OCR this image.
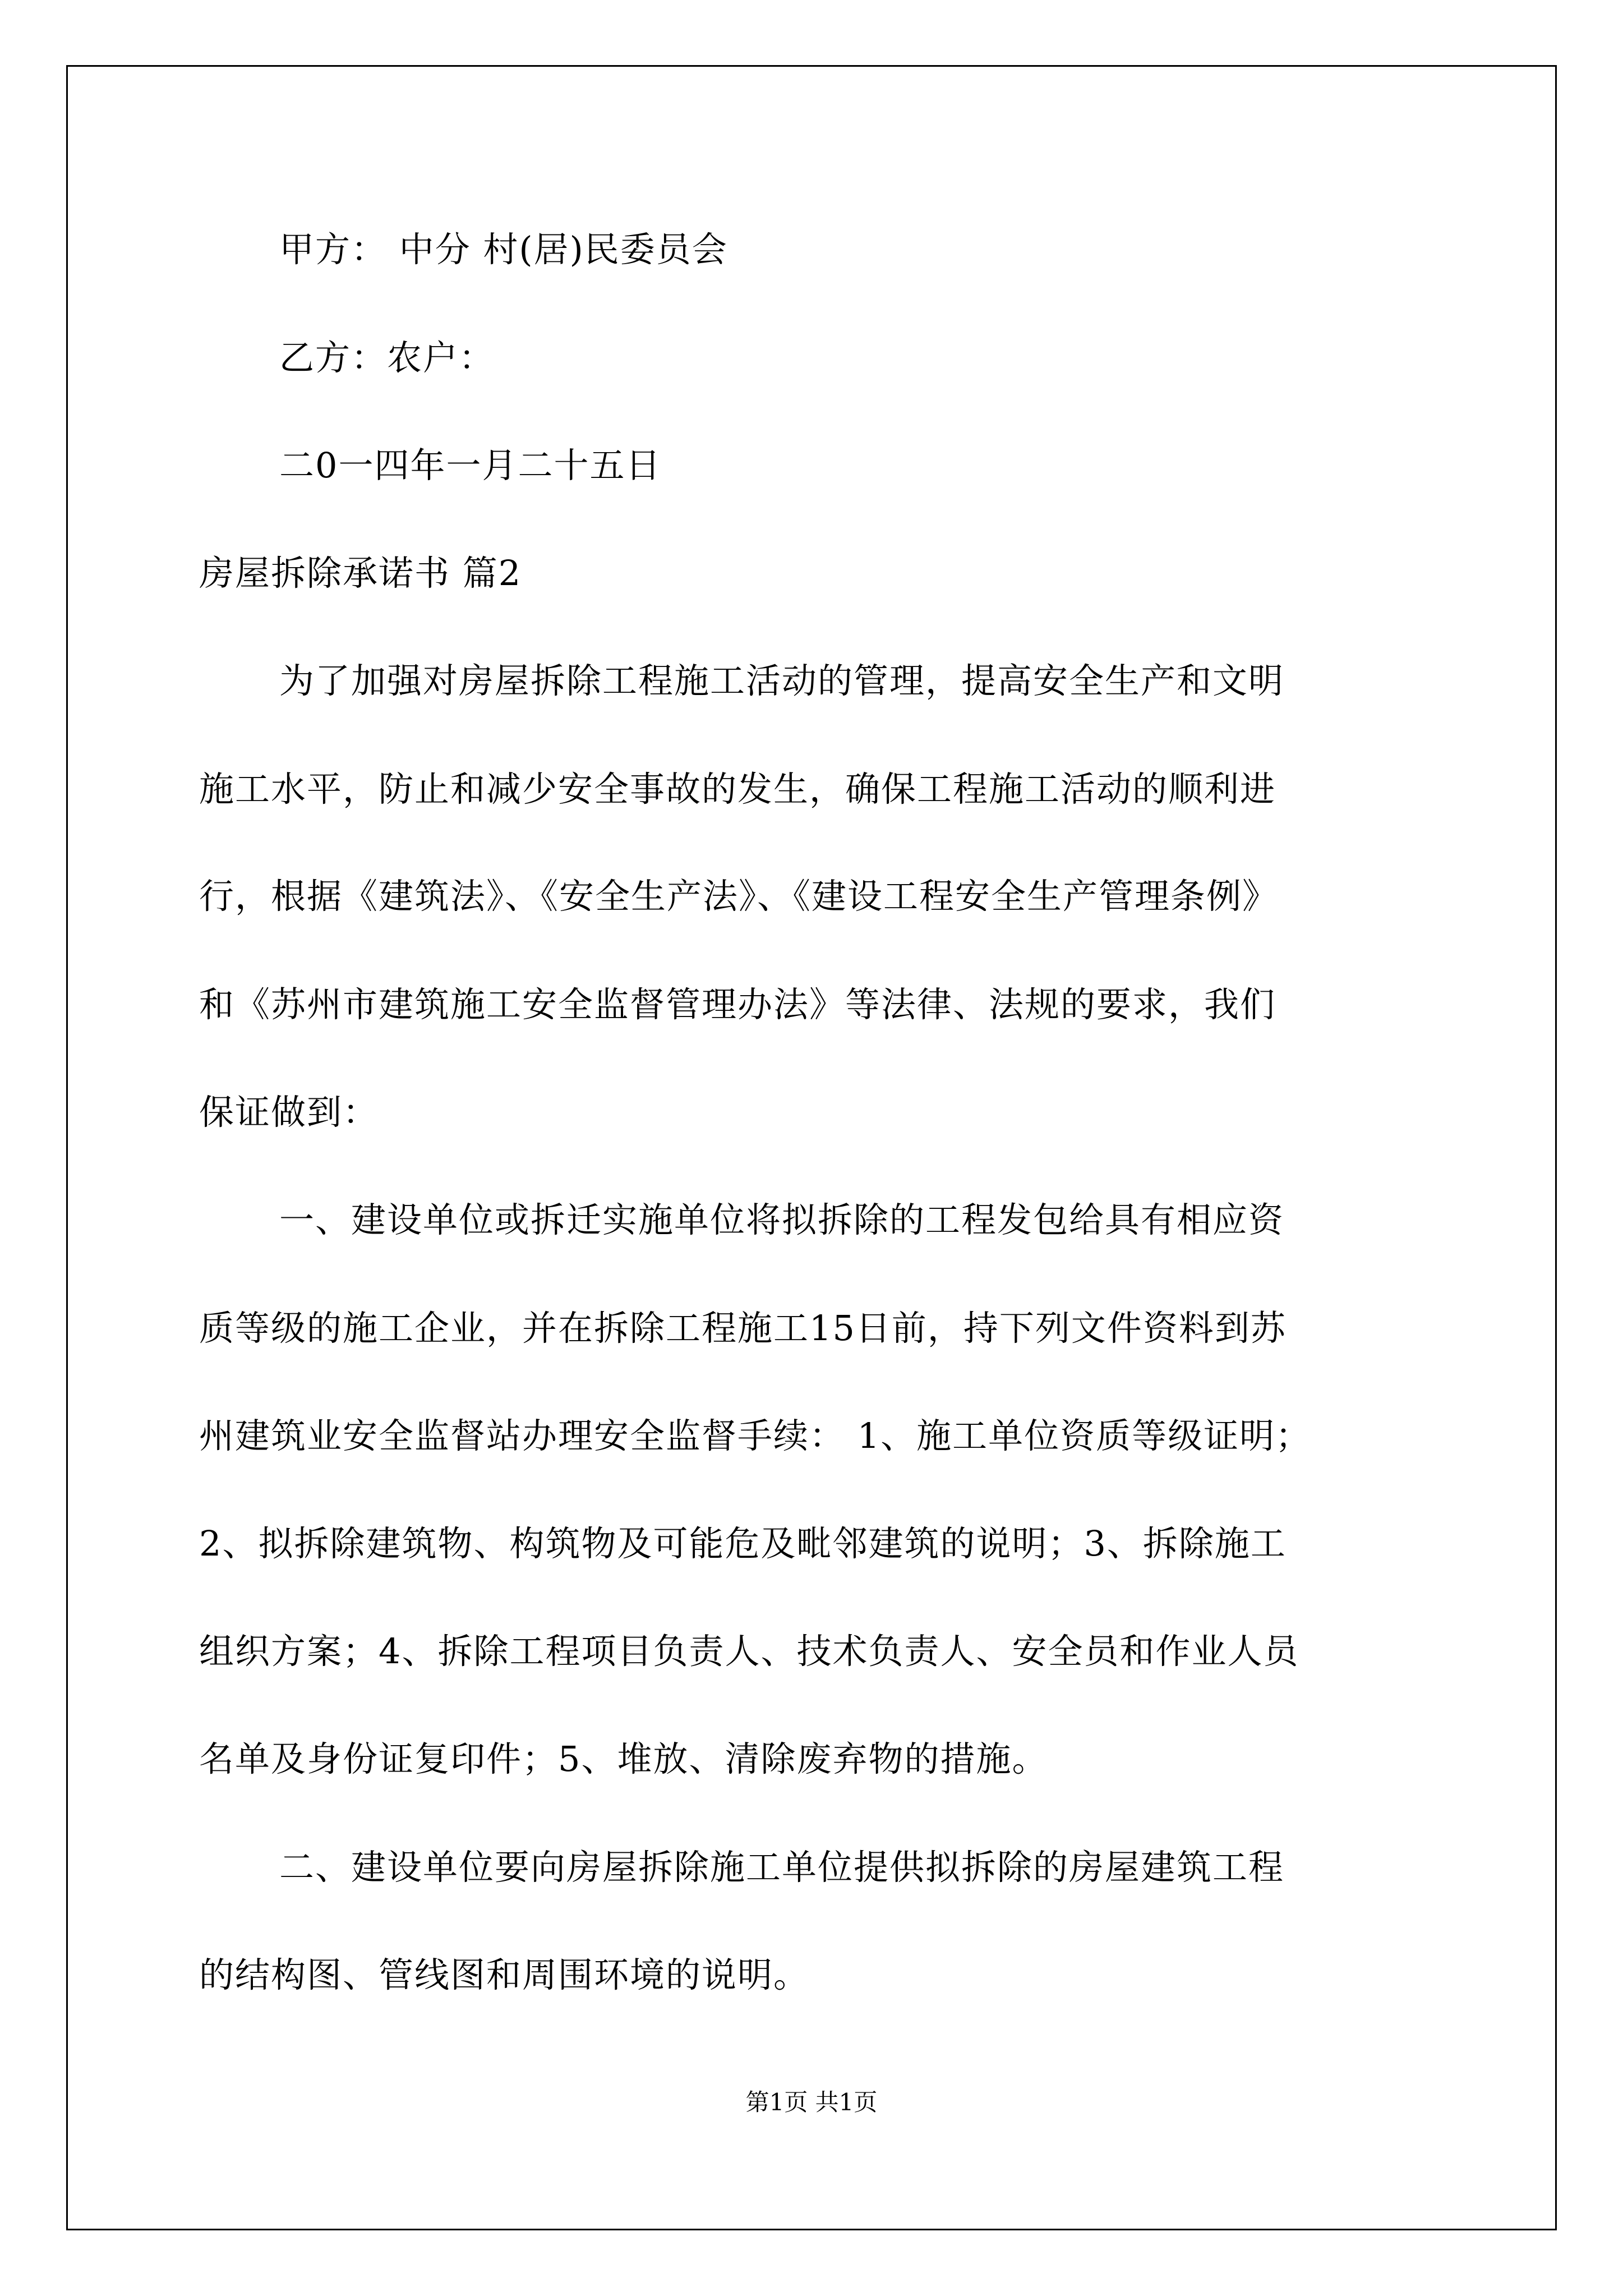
甲方： 中分 村(居)民委员会
乙方：农户：
二0一四年一月二十五日
房屋拆除承诺书 篇2
为了加强对房屋拆除工程施工活动的管理，提高安全生产和文明
施工水平，防止和减少安全事故的发生，确保工程施工活动的顺利进
行，根据《建筑法》、《安全生产法》、《建设工程安全生产管理条例》
和《苏州市建筑施工安全监督管理办法》等法律、法规的要求，我们
保证做到：
一、建设单位或拆迁实施单位将拟拆除的工程发包给具有相应资
质等级的施工企业，并在拆除工程施工15日前，持下列文件资料到苏
州建筑业安全监督站办理安全监督手续： 1、施工单位资质等级证明；
2、拟拆除建筑物、构筑物及可能危及毗邻建筑的说明；3、拆除施工
组织方案；4、拆除工程项目负责人、技术负责人、安全员和作业人员
名单及身份证复印件；5、堆放、清除废弃物的措施。
二、建设单位要向房屋拆除施工单位提供拟拆除的房屋建筑工程
的结构图、管线图和周围环境的说明。
第1页 共1页
